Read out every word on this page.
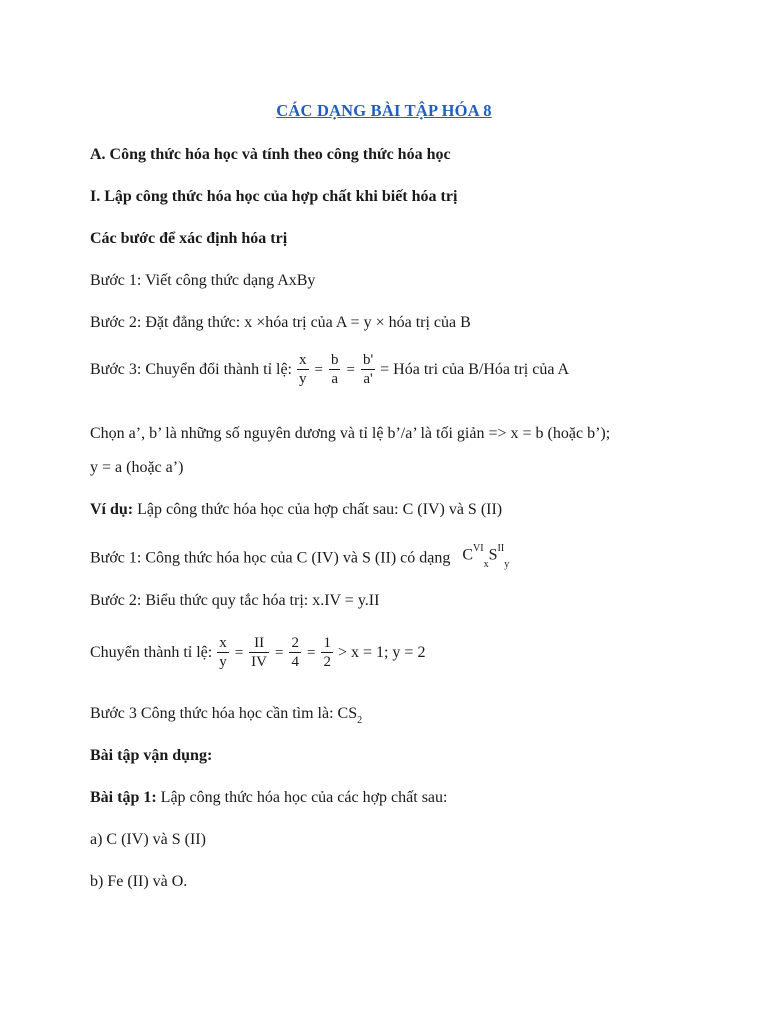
CÁC DẠNG BÀI TẬP HÓA 8
A. Công thức hóa học và tính theo công thức hóa học
I. Lập công thức hóa học của hợp chất khi biết hóa trị
Các bước để xác định hóa trị
Bước 1: Viết công thức dạng AxBy
Bước 2: Đặt đẳng thức: x ×hóa trị của A = y × hóa trị của B
Bước 3: Chuyển đổi thành tỉ lệ: $\frac{x}{y} = \frac{b}{a} = \frac{b'}{a'}$ = Hóa tri của B/Hóa trị của A
Chọn a’, b’ là những số nguyên dương và tỉ lệ b’/a’ là tối giản => x = b (hoặc b’);
y = a (hoặc a’)
Ví dụ: Lập công thức hóa học của hợp chất sau: C (IV) và S (II)
Bước 1: Công thức hóa học của C (IV) và S (II) có dạng $C^{VI}_xS^{II}_y$
Bước 2: Biểu thức quy tắc hóa trị: x.IV = y.II
Chuyển thành tỉ lệ: $\frac{x}{y} = \frac{II}{IV} = \frac{2}{4} = \frac{1}{2} > x = 1$; y = 2
Bước 3 Công thức hóa học cần tìm là: $CS_2$
Bài tập vận dụng:
Bài tập 1: Lập công thức hóa học của các hợp chất sau:
a) C (IV) và S (II)
b) Fe (II) và O.
